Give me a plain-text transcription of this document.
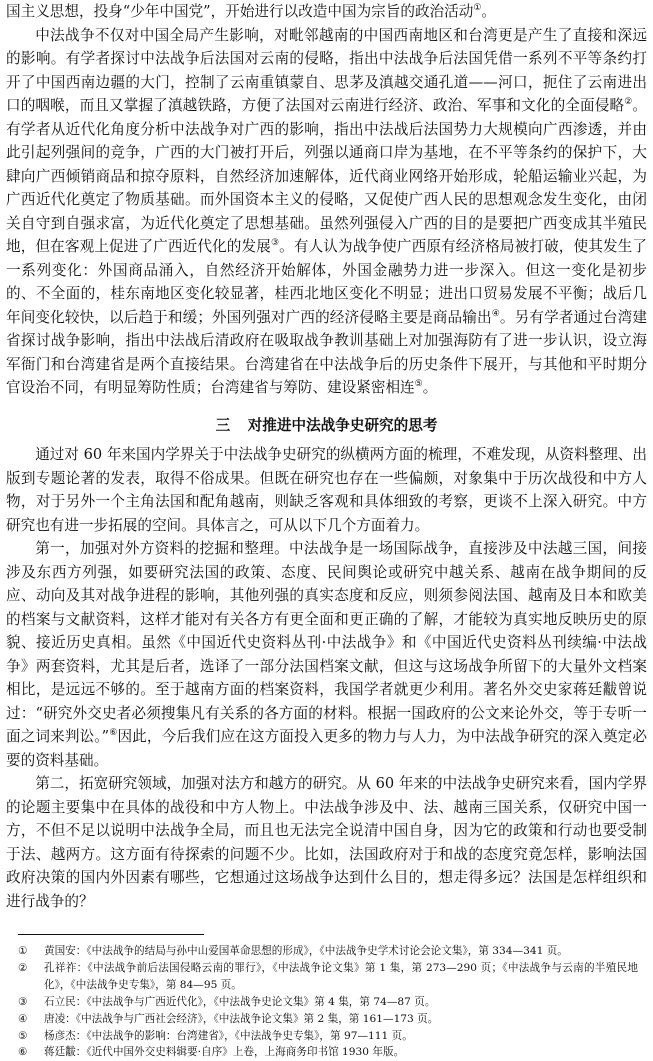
国主义思想，投身“少年中国党”，开始进行以改造中国为宗旨的政治活动①。

中法战争不仅对中国全局产生影响，对毗邻越南的中国西南地区和台湾更是产生了直接和深远的影响。有学者探讨中法战争后法国对云南的侵略，指出中法战争后法国凭借一系列不平等条约打开了中国西南边疆的大门，控制了云南重镇蒙自、思茅及滇越交通孔道——河口，扼住了云南进出口的咽喉，而且又掌握了滇越铁路，方便了法国对云南进行经济、政治、军事和文化的全面侵略②。有学者从近代化角度分析中法战争对广西的影响，指出中法战后法国势力大规模向广西渗透，并由此引起列强间的竞争，广西的大门被打开后，列强以通商口岸为基地，在不平等条约的保护下，大肆向广西倾销商品和掠夺原料，自然经济加速解体，近代商业网络开始形成，轮船运输业兴起，为广西近代化奠定了物质基础。而外国资本主义的侵略，又促使广西人民的思想观念发生变化，由闭关自守到自强求富，为近代化奠定了思想基础。虽然列强侵入广西的目的是要把广西变成其半殖民地，但在客观上促进了广西近代化的发展③。有人认为战争使广西原有经济格局被打破，使其发生了一系列变化：外国商品涌入，自然经济开始解体，外国金融势力进一步深入。但这一变化是初步的、不全面的，桂东南地区变化较显著，桂西北地区变化不明显；进出口贸易发展不平衡；战后几年间变化较快，以后趋于和缓；外国列强对广西的经济侵略主要是商品输出④。另有学者通过台湾建省探讨战争影响，指出中法战后清政府在吸取战争教训基础上对加强海防有了进一步认识，设立海军衙门和台湾建省是两个直接结果。台湾建省在中法战争后的历史条件下展开，与其他和平时期分官设治不同，有明显筹防性质；台湾建省与筹防、建设紧密相连⑤。

三 对推进中法战争史研究的思考

通过对 60 年来国内学界关于中法战争史研究的纵横两方面的梳理，不难发现，从资料整理、出版到专题论著的发表，取得不俗成果。但既在研究也存在一些偏颇，对象集中于历次战役和中方人物，对于另外一个主角法国和配角越南，则缺乏客观和具体细致的考察，更谈不上深入研究。中方研究也有进一步拓展的空间。具体言之，可从以下几个方面着力。

第一，加强对外方资料的挖掘和整理。中法战争是一场国际战争，直接涉及中法越三国，间接涉及东西方列强，如要研究法国的政策、态度、民间舆论或研究中越关系、越南在战争期间的反应、动向及其对战争进程的影响，其他列强的真实态度和反应，则须参阅法国、越南及日本和欧美的档案与文献资料，这样才能对有关各方有更全面和更正确的了解，才能较为真实地反映历史的原貌、接近历史真相。虽然《中国近代史资料丛刊·中法战争》和《中国近代史资料丛刊续编·中法战争》两套资料，尤其是后者，选译了一部分法国档案文献，但这与这场战争所留下的大量外文档案相比，是远远不够的。至于越南方面的档案资料，我国学者就更少利用。著名外交史家蒋廷黻曾说过：“研究外交史者必须搜集凡有关系的各方面的材料。根据一国政府的公文来论外交，等于专听一面之词来判讼。”⑥因此，今后我们应在这方面投入更多的物力与人力，为中法战争研究的深入奠定必要的资料基础。

第二，拓宽研究领域，加强对法方和越方的研究。从 60 年来的中法战争史研究来看，国内学界的论题主要集中在具体的战役和中方人物上。中法战争涉及中、法、越南三国关系，仅研究中国一方，不但不足以说明中法战争全局，而且也无法完全说清中国自身，因为它的政策和行动也要受制于法、越两方。这方面有待探索的问题不少。比如，法国政府对于和战的态度究竟怎样，影响法国政府决策的国内外因素有哪些，它想通过这场战争达到什么目的，想走得多远？法国是怎样组织和进行战争的？

①	黄国安：《中法战争的结局与孙中山爱国革命思想的形成》，《中法战争史学术讨论会论文集》，第 334—341 页。
②	孔祥祚：《中法战争前后法国侵略云南的罪行》，《中法战争论文集》第 1 集，第 273—290 页；《中法战争与云南的半殖民地化》，《中法战争史专集》，第 84—95 页。
③	石立民：《中法战争与广西近代化》，《中法战争史论文集》第 4 集，第 74—87 页。
④	唐凌：《中法战争与广西社会经济》，《中法战争论文集》第 2 集，第 161—173 页。
⑤	杨彦杰：《中法战争的影响：台湾建省》，《中法战争史专集》，第 97—111 页。
⑥	蒋廷黻：《近代中国外交史料辑要·自序》上卷，上海商务印书馆 1930 年版。
